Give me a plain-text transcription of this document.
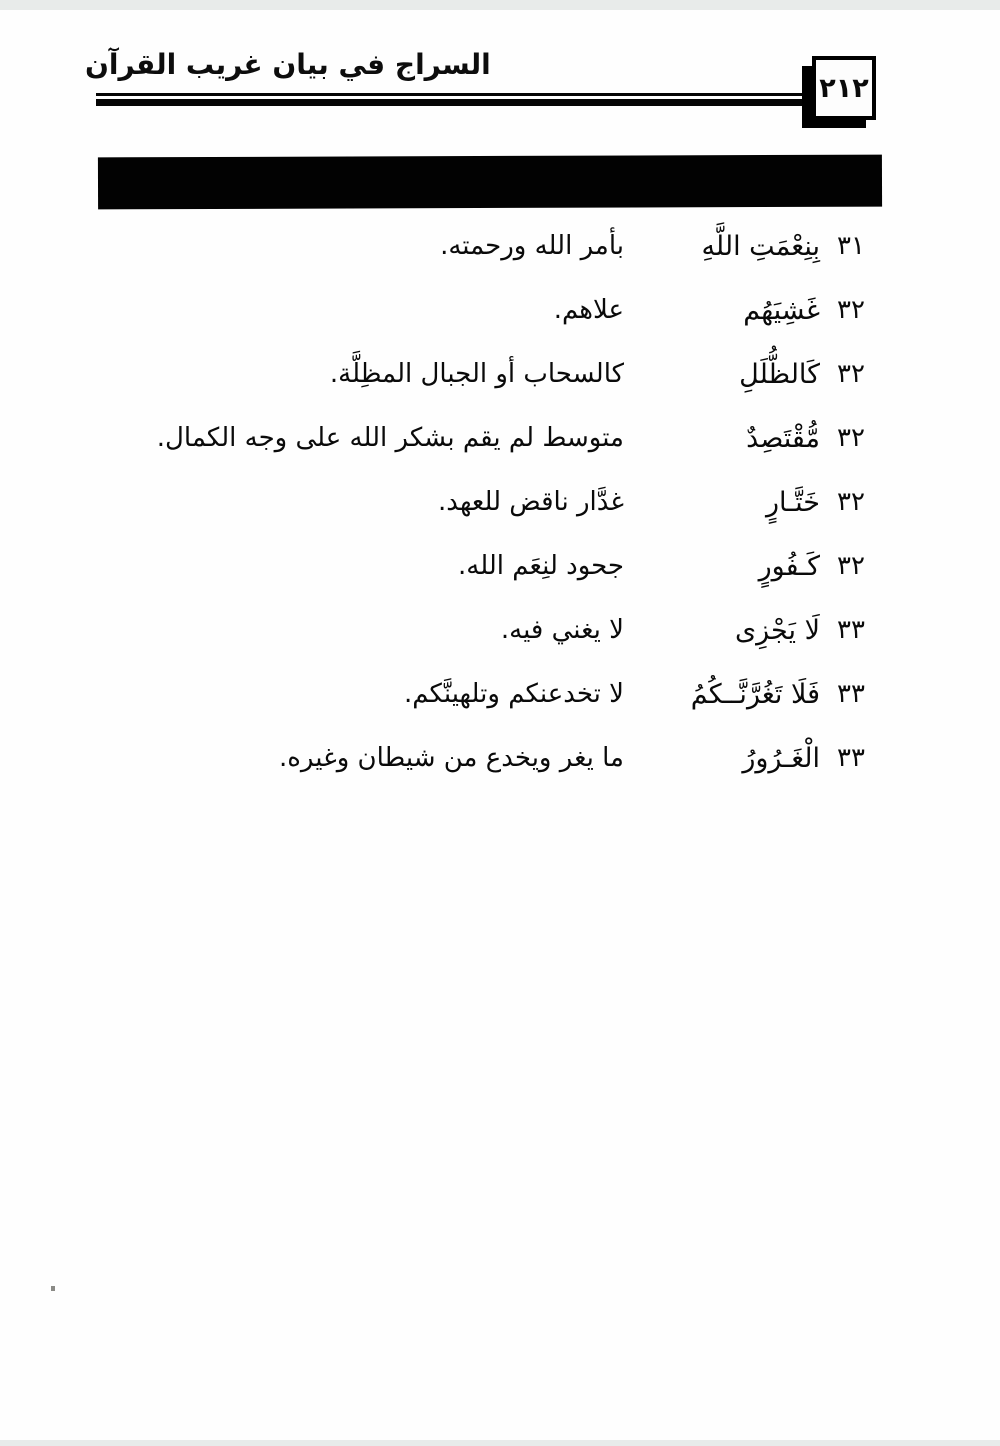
السراج في بيان غريب القرآن
٢١٢
٣١
بِنِعْمَتِ اللَّهِ
بأمر الله ورحمته.
٣٢
غَشِيَهُم
علاهم.
٣٢
كَالظُّلَلِ
كالسحاب أو الجبال المظِلَّة.
٣٢
مُّقْتَصِدٌ
متوسط لم يقم بشكر الله على وجه الكمال.
٣٢
خَتَّـارٍ
غدَّار ناقض للعهد.
٣٢
كَـفُورٍ
جحود لنِعَم الله.
٣٣
لَا يَجْزِى
لا يغني فيه.
٣٣
فَلَا تَغُرَّنَّــكُمُ
لا تخدعنكم وتلهينَّكم.
٣٣
الْغَـرُورُ
ما يغر ويخدع من شيطان وغيره.
